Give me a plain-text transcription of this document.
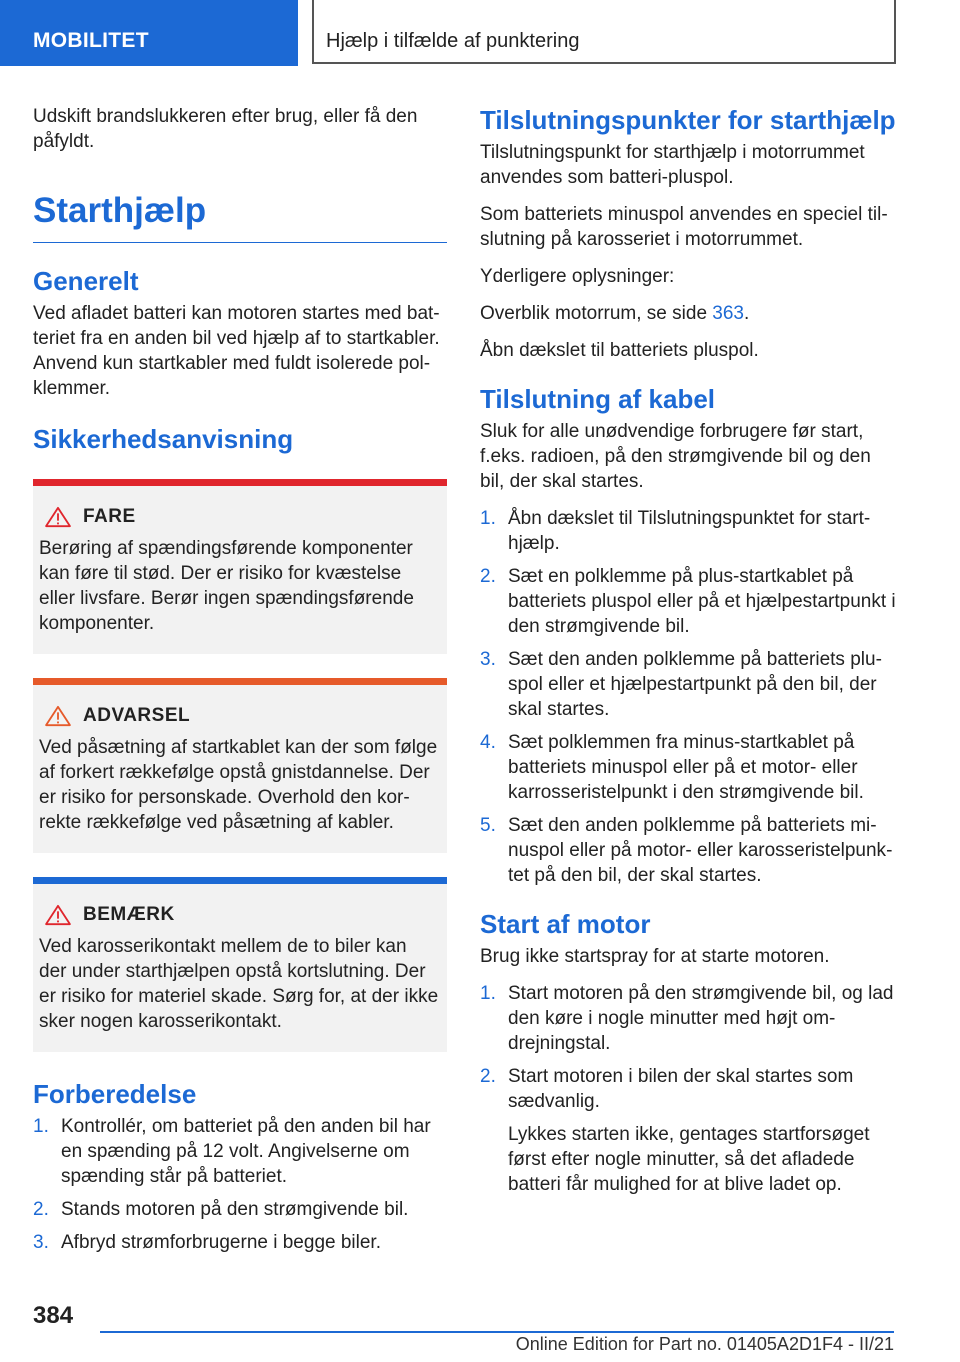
MOBILITET	Hjælp i tilfælde af punktering

Udskift brandslukkeren efter brug, eller få den påfyldt.

Starthjælp
Generelt

Ved afladet batteri kan motoren startes med batteriet fra en anden bil ved hjælp af to startkabler. Anvend kun startkabler med fuldt isolerede polklemmer.

Sikkerhedsanvisning
FARE

Berøring af spændingsførende komponenter kan føre til stød. Der er risiko for kvæstelse eller livsfare. Berør ingen spændingsførende komponenter.

ADVARSEL

Ved påsætning af startkablet kan der som følge af forkert rækkefølge opstå gnistdannelse. Der er risiko for personskade. Overhold den korrekte rækkefølge ved påsætning af kabler.

BEMÆRK

Ved karosserikontakt mellem de to biler kan der under starthjælpen opstå kortslutning. Der er risiko for materiel skade. Sørg for, at der ikke sker nogen karosserikontakt.

Forberedelse
1. Kontrollér, om batteriet på den anden bil har en spænding på 12 volt. Angivelserne om spænding står på batteriet.
2. Stands motoren på den strømgivende bil.
3. Afbryd strømforbrugerne i begge biler.
Tilslutningspunkter for starthjælp

Tilslutningspunkt for starthjælp i motorrummet anvendes som batteri-pluspol.

Som batteriets minuspol anvendes en speciel tilslutning på karosseriet i motorrummet.

Yderligere oplysninger:

Overblik motorrum, se side 363.

Åbn dækslet til batteriets pluspol.

Tilslutning af kabel

Sluk for alle unødvendige forbrugere før start, f.eks. radioen, på den strømgivende bil og den bil, der skal startes.

1. Åbn dækslet til Tilslutningspunktet for starthjælp.
2. Sæt en polklemme på plus-startkablet på batteriets pluspol eller på et hjælpestartpunkt i den strømgivende bil.
3. Sæt den anden polklemme på batteriets pluspol eller et hjælpestartpunkt på den bil, der skal startes.
4. Sæt polklemmen fra minus-startkablet på batteriets minuspol eller på et motor- eller karrosseristelpunkt i den strømgivende bil.
5. Sæt den anden polklemme på batteriets minuspol eller på motor- eller karosseristelpunktet på den bil, der skal startes.
Start af motor

Brug ikke startspray for at starte motoren.

1. Start motoren på den strømgivende bil, og lad den køre i nogle minutter med højt omdrejningstal.
2. Start motoren i bilen der skal startes som sædvanlig.
Lykkes starten ikke, gentages startforsøget først efter nogle minutter, så det afladede batteri får mulighed for at blive ladet op.
384
Online Edition for Part no. 01405A2D1F4 - II/21
